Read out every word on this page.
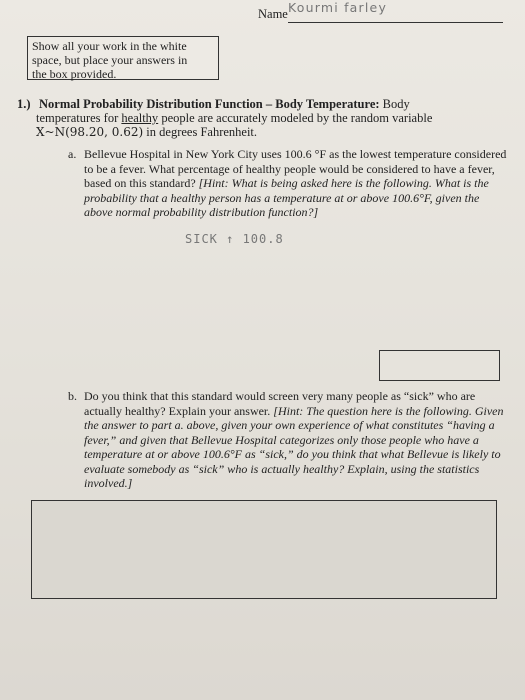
Name Kourmi farley
Show all your work in the white
space, but place your answers in
the box provided.
1.) Normal Probability Distribution Function – Body Temperature: Body
temperatures for healthy people are accurately modeled by the random variable
X~N(98.20, 0.62) in degrees Fahrenheit.
a. Bellevue Hospital in New York City uses 100.6 °F as the lowest temperature considered to be a fever. What percentage of healthy people would be considered to have a fever, based on this standard? [Hint: What is being asked here is the following. What is the probability that a healthy person has a temperature at or above 100.6°F, given the above normal probability distribution function?]
SICK ↑ 100.8
b. Do you think that this standard would screen very many people as “sick” who are actually healthy? Explain your answer. [Hint: The question here is the following. Given the answer to part a. above, given your own experience of what constitutes “having a fever,” and given that Bellevue Hospital categorizes only those people who have a temperature at or above 100.6°F as “sick,” do you think that what Bellevue is likely to evaluate somebody as “sick” who is actually healthy? Explain, using the statistics involved.]
